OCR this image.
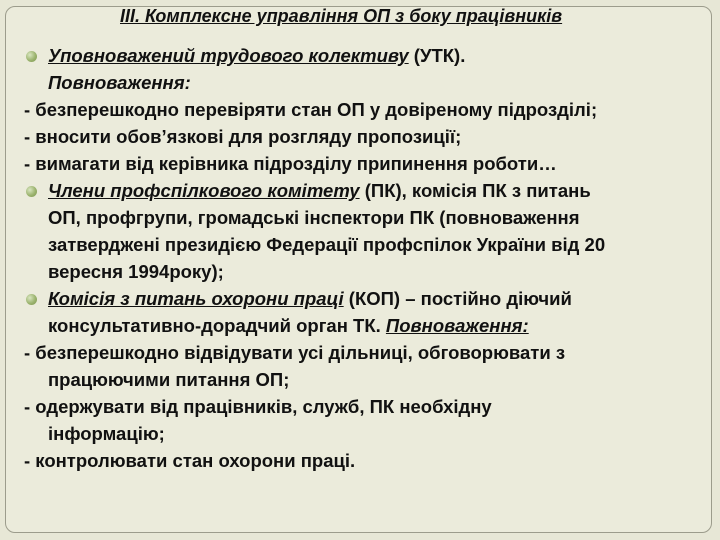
ІІІ. Комплексне управління ОП з боку працівників
Уповноважений трудового колективу (УТК).
Повноваження:
- безперешкодно перевіряти стан ОП у довіреному підрозділі;
- вносити обов’язкові для розгляду пропозиції;
- вимагати від керівника підрозділу припинення роботи…
Члени профспілкового комітету (ПК), комісія ПК з питань
ОП, профгрупи, громадські інспектори ПК (повноваження
затверджені президією Федерації профспілок України від 20
вересня 1994року);
Комісія з питань охорони праці (КОП) – постійно діючий
консультативно-дорадчий орган ТК. Повноваження:
- безперешкодно відвідувати усі дільниці, обговорювати з
працюючими питання ОП;
- одержувати від працівників, служб, ПК необхідну
інформацію;
- контролювати стан охорони праці.
